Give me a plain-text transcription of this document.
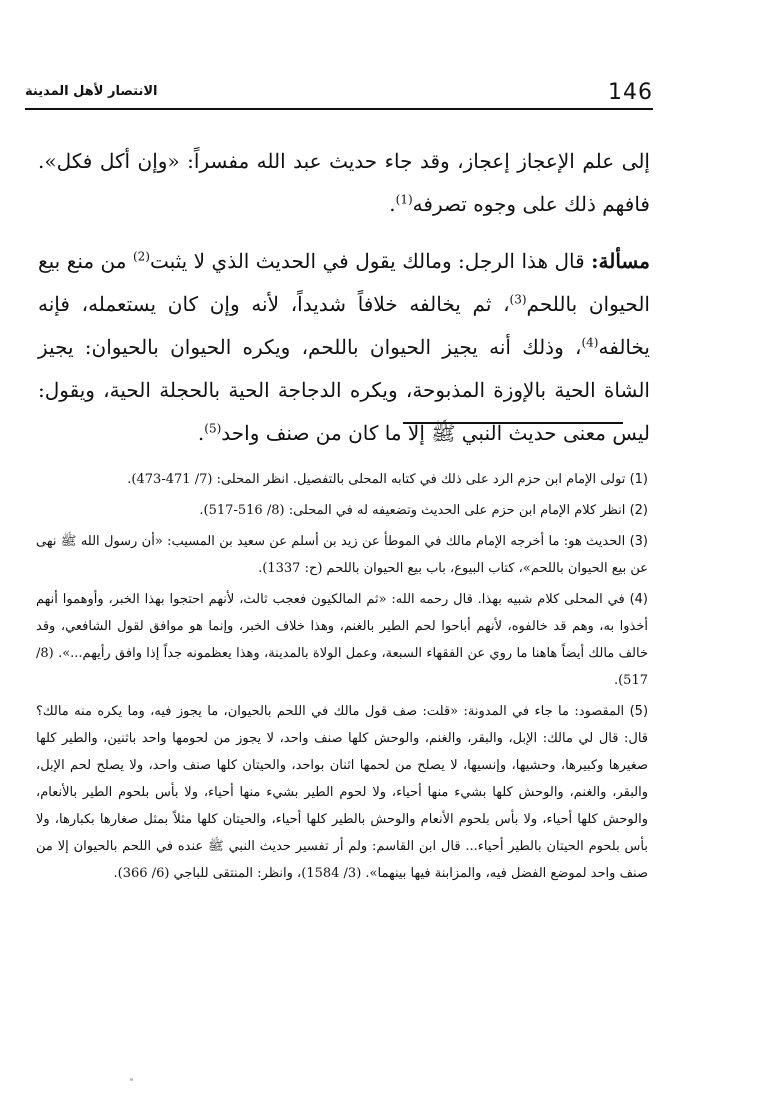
الانتصار لأهل المدينة	146

إلى علم الإعجاز إعجاز، وقد جاء حديث عبد الله مفسراً: «وإن أكل فكل». فافهم ذلك على وجوه تصرفه$^{(1)}$.

مسألة: قال هذا الرجل: ومالك يقول في الحديث الذي لا يثبت$^{(2)}$ من منع بيع الحيوان باللحم$^{(3)}$، ثم يخالفه خلافاً شديداً، لأنه وإن كان يستعمله، فإنه يخالفه$^{(4)}$، وذلك أنه يجيز الحيوان باللحم، ويكره الحيوان بالحيوان: يجيز الشاة الحية بالإوزة المذبوحة، ويكره الدجاجة الحية بالحجلة الحية، ويقول: ليس معنى حديث النبي ﷺ إلا ما كان من صنف واحد$^{(5)}$.

(1) تولى الإمام ابن حزم الرد على ذلك في كتابه المحلى بالتفصيل. انظر المحلى: (7/ 471-473).

(2) انظر كلام الإمام ابن حزم على الحديث وتضعيفه له في المحلى: (8/ 516-517).

(3) الحديث هو: ما أخرجه الإمام مالك في الموطأ عن زيد بن أسلم عن سعيد بن المسيب: «أن رسول الله ﷺ نهى عن بيع الحيوان باللحم»، كتاب البيوع، باب بيع الحيوان باللحم (ح: 1337).

(4) في المحلى كلام شبيه بهذا. قال رحمه الله: «ثم المالكيون فعجب ثالث، لأنهم احتجوا بهذا الخبر، وأوهموا أنهم أخذوا به، وهم قد خالفوه، لأنهم أباحوا لحم الطير بالغنم، وهذا خلاف الخبر، وإنما هو موافق لقول الشافعي، وقد خالف مالك أيضاً هاهنا ما روي عن الفقهاء السبعة، وعمل الولاة بالمدينة، وهذا يعظمونه جداً إذا وافق رأيهم...». (8/ 517).

(5) المقصود: ما جاء في المدونة: «قلت: صف قول مالك في اللحم بالحيوان، ما يجوز فيه، وما يكره منه مالك؟ قال: قال لي مالك: الإبل، والبقر، والغنم، والوحش كلها صنف واحد، لا يجوز من لحومها واحد باثنين، والطير كلها صغيرها وكبيرها، وحشيها، وإنسيها، لا يصلح من لحمها اثنان بواحد، والحيتان كلها صنف واحد، ولا يصلح لحم الإبل، والبقر، والغنم، والوحش كلها بشيء منها أحياء، ولا لحوم الطير بشيء منها أحياء، ولا بأس بلحوم الطير بالأنعام، والوحش كلها أحياء، ولا بأس بلحوم الأنعام والوحش بالطير كلها أحياء، والحيتان كلها مثلاً بمثل صغارها بكبارها، ولا بأس بلحوم الحيتان بالطير أحياء... قال ابن القاسم: ولم أر تفسير حديث النبي ﷺ عنده في اللحم بالحيوان إلا من صنف واحد لموضع الفضل فيه، والمزابنة فيها بينهما». (3/ 1584)، وانظر: المنتقى للباجي (6/ 366).
